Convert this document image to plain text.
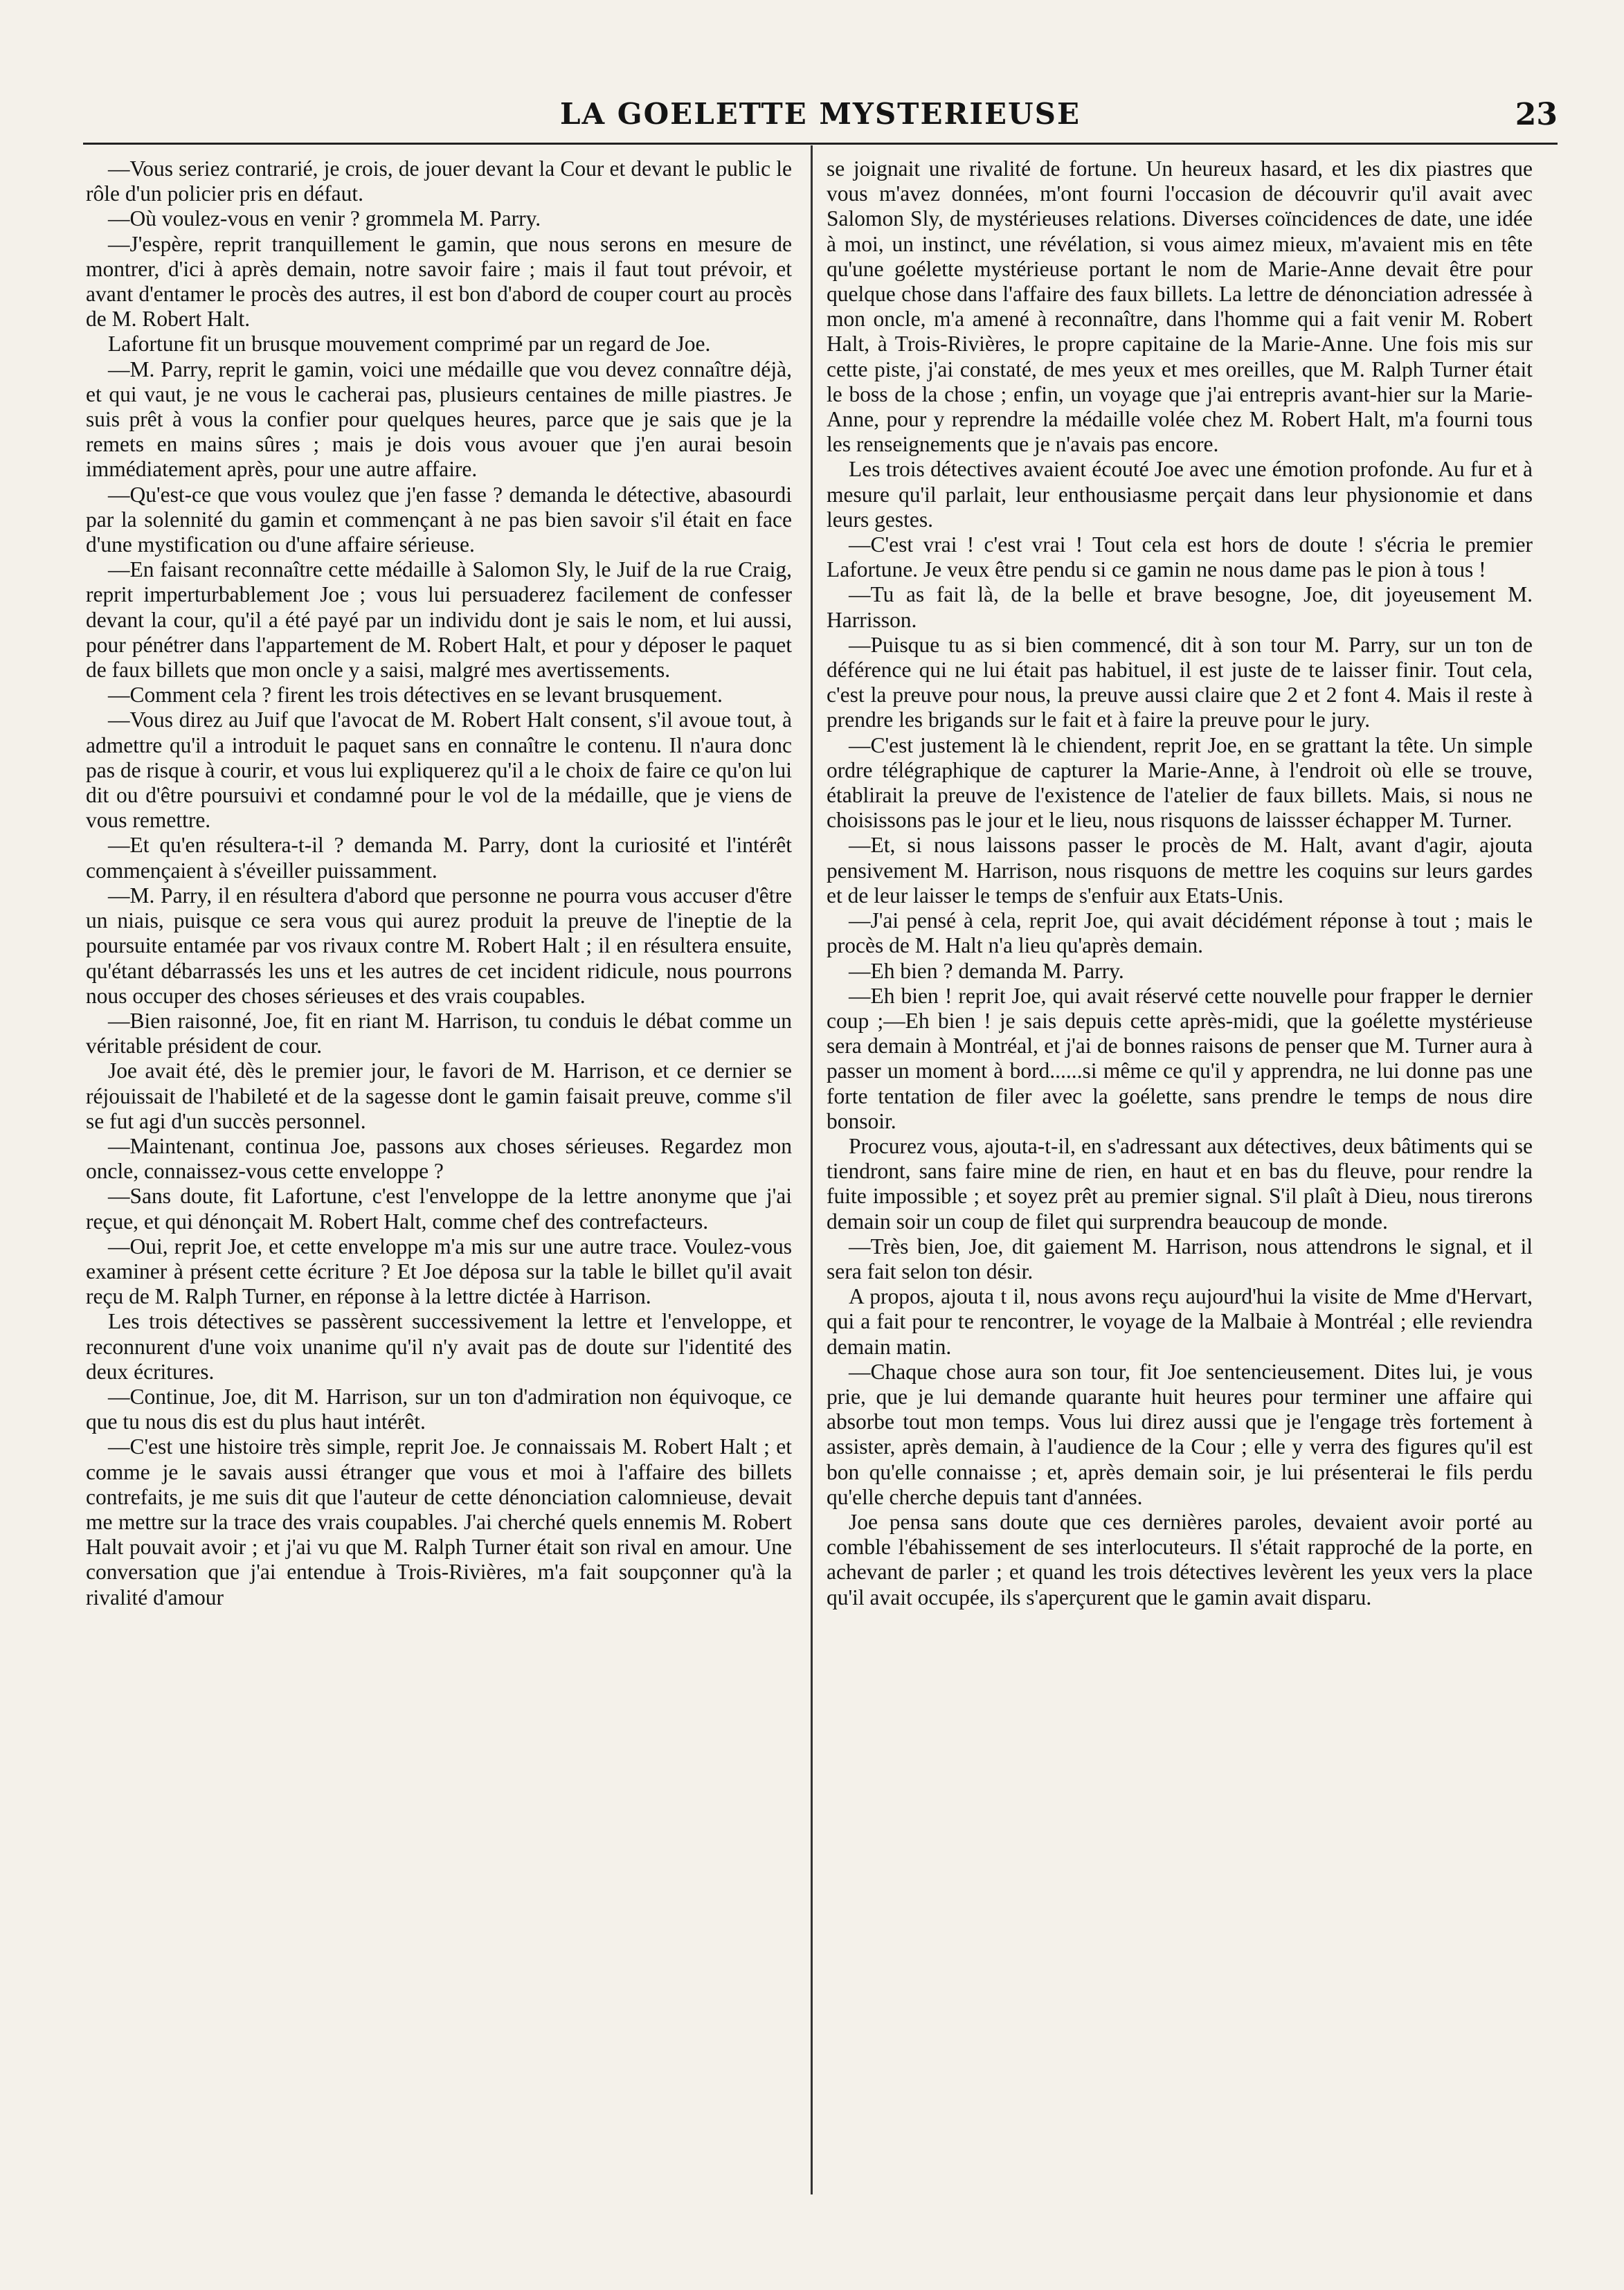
LA GOELETTE MYSTERIEUSE	23

—Vous seriez contrarié, je crois, de jouer devant la Cour et devant le public le rôle d'un policier pris en défaut.

—Où voulez-vous en venir ? grommela M. Parry.

—J'espère, reprit tranquillement le gamin, que nous serons en mesure de montrer, d'ici à après demain, notre savoir faire ; mais il faut tout prévoir, et avant d'entamer le procès des autres, il est bon d'abord de couper court au procès de M. Robert Halt.

Lafortune fit un brusque mouvement comprimé par un regard de Joe.

—M. Parry, reprit le gamin, voici une médaille que vou devez connaître déjà, et qui vaut, je ne vous le cacherai pas, plusieurs centaines de mille piastres. Je suis prêt à vous la confier pour quelques heures, parce que je sais que je la remets en mains sûres ; mais je dois vous avouer que j'en aurai besoin immédiatement après, pour une autre affaire.

—Qu'est-ce que vous voulez que j'en fasse ? demanda le détective, abasourdi par la solennité du gamin et commençant à ne pas bien savoir s'il était en face d'une mystification ou d'une affaire sérieuse.

—En faisant reconnaître cette médaille à Salomon Sly, le Juif de la rue Craig, reprit imperturbablement Joe ; vous lui persuaderez facilement de confesser devant la cour, qu'il a été payé par un individu dont je sais le nom, et lui aussi, pour pénétrer dans l'appartement de M. Robert Halt, et pour y déposer le paquet de faux billets que mon oncle y a saisi, malgré mes avertissements.

—Comment cela ? firent les trois détectives en se levant brusquement.

—Vous direz au Juif que l'avocat de M. Robert Halt consent, s'il avoue tout, à admettre qu'il a introduit le paquet sans en connaître le contenu. Il n'aura donc pas de risque à courir, et vous lui expliquerez qu'il a le choix de faire ce qu'on lui dit ou d'être poursuivi et condamné pour le vol de la médaille, que je viens de vous remettre.

—Et qu'en résultera-t-il ? demanda M. Parry, dont la curiosité et l'intérêt commençaient à s'éveiller puissamment.

—M. Parry, il en résultera d'abord que personne ne pourra vous accuser d'être un niais, puisque ce sera vous qui aurez produit la preuve de l'ineptie de la poursuite entamée par vos rivaux contre M. Robert Halt ; il en résultera ensuite, qu'étant débarrassés les uns et les autres de cet incident ridicule, nous pourrons nous occuper des choses sérieuses et des vrais coupables.

—Bien raisonné, Joe, fit en riant M. Harrison, tu conduis le débat comme un véritable président de cour.

Joe avait été, dès le premier jour, le favori de M. Harrison, et ce dernier se réjouissait de l'habileté et de la sagesse dont le gamin faisait preuve, comme s'il se fut agi d'un succès personnel.

—Maintenant, continua Joe, passons aux choses sérieuses. Regardez mon oncle, connaissez-vous cette enveloppe ?

—Sans doute, fit Lafortune, c'est l'enveloppe de la lettre anonyme que j'ai reçue, et qui dénonçait M. Robert Halt, comme chef des contrefacteurs.

—Oui, reprit Joe, et cette enveloppe m'a mis sur une autre trace. Voulez-vous examiner à présent cette écriture ? Et Joe déposa sur la table le billet qu'il avait reçu de M. Ralph Turner, en réponse à la lettre dictée à Harrison.

Les trois détectives se passèrent successivement la lettre et l'enveloppe, et reconnurent d'une voix unanime qu'il n'y avait pas de doute sur l'identité des deux écritures.

—Continue, Joe, dit M. Harrison, sur un ton d'admiration non équivoque, ce que tu nous dis est du plus haut intérêt.

—C'est une histoire très simple, reprit Joe. Je connaissais M. Robert Halt ; et comme je le savais aussi étranger que vous et moi à l'affaire des billets contrefaits, je me suis dit que l'auteur de cette dénonciation calomnieuse, devait me mettre sur la trace des vrais coupables. J'ai cherché quels ennemis M. Robert Halt pouvait avoir ; et j'ai vu que M. Ralph Turner était son rival en amour. Une conversation que j'ai entendue à Trois-Rivières, m'a fait soupçonner qu'à la rivalité d'amour

se joignait une rivalité de fortune. Un heureux hasard, et les dix piastres que vous m'avez données, m'ont fourni l'occasion de découvrir qu'il avait avec Salomon Sly, de mystérieuses relations. Diverses coïncidences de date, une idée à moi, un instinct, une révélation, si vous aimez mieux, m'avaient mis en tête qu'une goélette mystérieuse portant le nom de Marie-Anne devait être pour quelque chose dans l'affaire des faux billets. La lettre de dénonciation adressée à mon oncle, m'a amené à reconnaître, dans l'homme qui a fait venir M. Robert Halt, à Trois-Rivières, le propre capitaine de la Marie-Anne. Une fois mis sur cette piste, j'ai constaté, de mes yeux et mes oreilles, que M. Ralph Turner était le boss de la chose ; enfin, un voyage que j'ai entrepris avant-hier sur la Marie-Anne, pour y reprendre la médaille volée chez M. Robert Halt, m'a fourni tous les renseignements que je n'avais pas encore.

Les trois détectives avaient écouté Joe avec une émotion profonde. Au fur et à mesure qu'il parlait, leur enthousiasme perçait dans leur physionomie et dans leurs gestes.

—C'est vrai ! c'est vrai ! Tout cela est hors de doute ! s'écria le premier Lafortune. Je veux être pendu si ce gamin ne nous dame pas le pion à tous !

—Tu as fait là, de la belle et brave besogne, Joe, dit joyeusement M. Harrisson.

—Puisque tu as si bien commencé, dit à son tour M. Parry, sur un ton de déférence qui ne lui était pas habituel, il est juste de te laisser finir. Tout cela, c'est la preuve pour nous, la preuve aussi claire que 2 et 2 font 4. Mais il reste à prendre les brigands sur le fait et à faire la preuve pour le jury.

—C'est justement là le chiendent, reprit Joe, en se grattant la tête. Un simple ordre télégraphique de capturer la Marie-Anne, à l'endroit où elle se trouve, établirait la preuve de l'existence de l'atelier de faux billets. Mais, si nous ne choisissons pas le jour et le lieu, nous risquons de laissser échapper M. Turner.

—Et, si nous laissons passer le procès de M. Halt, avant d'agir, ajouta pensivement M. Harrison, nous risquons de mettre les coquins sur leurs gardes et de leur laisser le temps de s'enfuir aux Etats-Unis.

—J'ai pensé à cela, reprit Joe, qui avait décidément réponse à tout ; mais le procès de M. Halt n'a lieu qu'après demain.

—Eh bien ? demanda M. Parry.

—Eh bien ! reprit Joe, qui avait réservé cette nouvelle pour frapper le dernier coup ;—Eh bien ! je sais depuis cette après-midi, que la goélette mystérieuse sera demain à Montréal, et j'ai de bonnes raisons de penser que M. Turner aura à passer un moment à bord......si même ce qu'il y apprendra, ne lui donne pas une forte tentation de filer avec la goélette, sans prendre le temps de nous dire bonsoir.

Procurez vous, ajouta-t-il, en s'adressant aux détectives, deux bâtiments qui se tiendront, sans faire mine de rien, en haut et en bas du fleuve, pour rendre la fuite impossible ; et soyez prêt au premier signal. S'il plaît à Dieu, nous tirerons demain soir un coup de filet qui surprendra beaucoup de monde.

—Très bien, Joe, dit gaiement M. Harrison, nous attendrons le signal, et il sera fait selon ton désir.

A propos, ajouta t il, nous avons reçu aujourd'hui la visite de Mme d'Hervart, qui a fait pour te rencontrer, le voyage de la Malbaie à Montréal ; elle reviendra demain matin.

—Chaque chose aura son tour, fit Joe sentencieusement. Dites lui, je vous prie, que je lui demande quarante huit heures pour terminer une affaire qui absorbe tout mon temps. Vous lui direz aussi que je l'engage très fortement à assister, après demain, à l'audience de la Cour ; elle y verra des figures qu'il est bon qu'elle connaisse ; et, après demain soir, je lui présenterai le fils perdu qu'elle cherche depuis tant d'années.

Joe pensa sans doute que ces dernières paroles, devaient avoir porté au comble l'ébahissement de ses interlocuteurs. Il s'était rapproché de la porte, en achevant de parler ; et quand les trois détectives levèrent les yeux vers la place qu'il avait occupée, ils s'aperçurent que le gamin avait disparu.
